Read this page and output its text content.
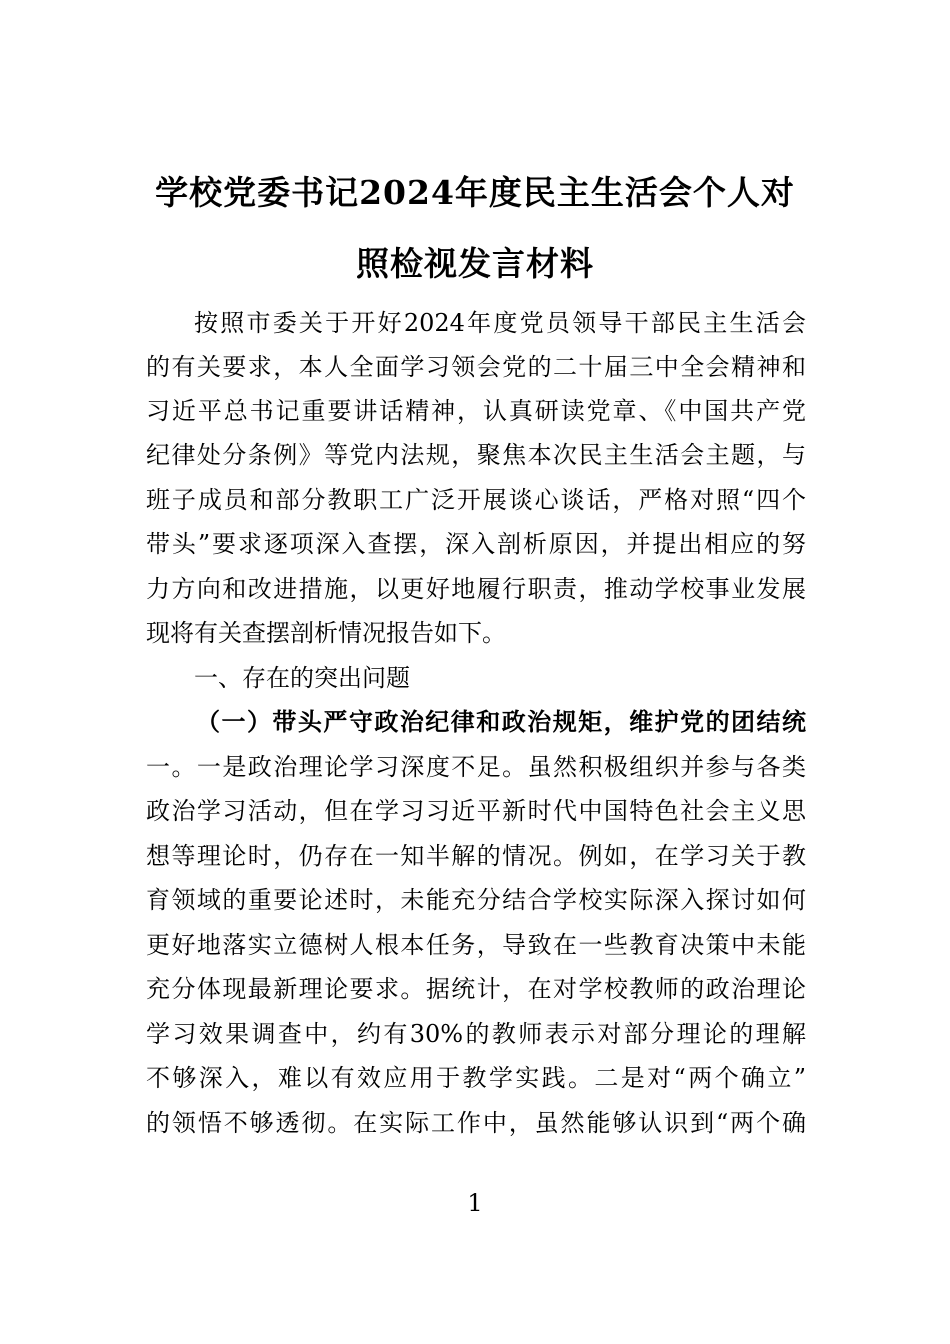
学校党委书记2024年度民主生活会个人对
照检视发言材料
按照市委关于开好2024年度党员领导干部民主生活会
的有关要求，本人全面学习领会党的二十届三中全会精神和
习近平总书记重要讲话精神，认真研读党章、《中国共产党
纪律处分条例》等党内法规，聚焦本次民主生活会主题，与
班子成员和部分教职工广泛开展谈心谈话，严格对照“四个
带头”要求逐项深入查摆，深入剖析原因，并提出相应的努
力方向和改进措施，以更好地履行职责，推动学校事业发展
现将有关查摆剖析情况报告如下。
一、存在的突出问题
（一）带头严守政治纪律和政治规矩，维护党的团结统
一。一是政治理论学习深度不足。虽然积极组织并参与各类
政治学习活动，但在学习习近平新时代中国特色社会主义思
想等理论时，仍存在一知半解的情况。例如，在学习关于教
育领域的重要论述时，未能充分结合学校实际深入探讨如何
更好地落实立德树人根本任务，导致在一些教育决策中未能
充分体现最新理论要求。据统计，在对学校教师的政治理论
学习效果调查中，约有30%的教师表示对部分理论的理解
不够深入，难以有效应用于教学实践。二是对“两个确立”
的领悟不够透彻。在实际工作中，虽然能够认识到“两个确
1
